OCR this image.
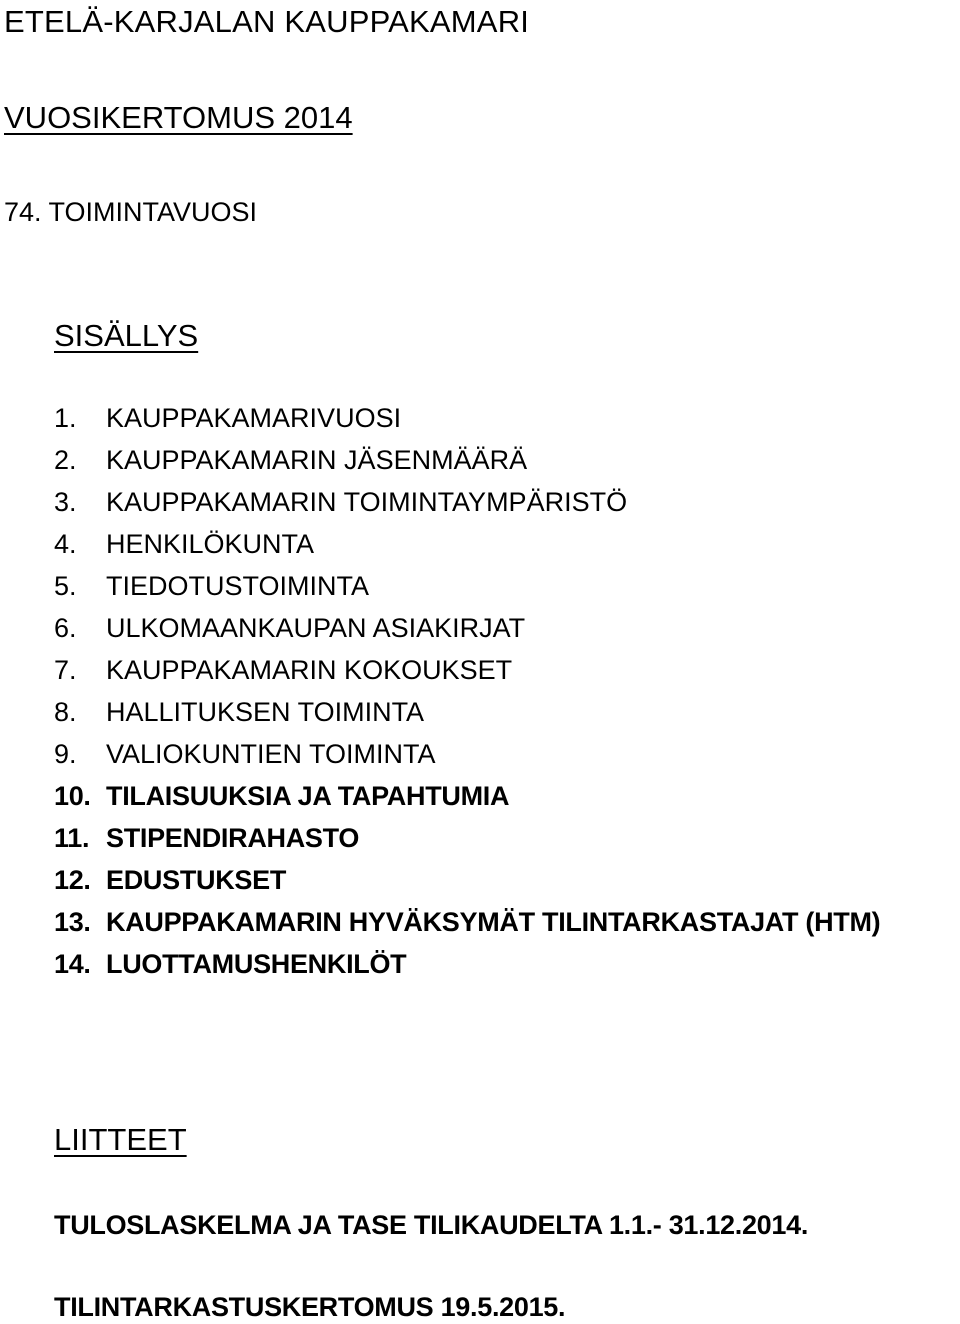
ETELÄ-KARJALAN KAUPPAKAMARI
VUOSIKERTOMUS 2014
74. TOIMINTAVUOSI
SISÄLLYS
1.	KAUPPAKAMARIVUOSI
2.	KAUPPAKAMARIN JÄSENMÄÄRÄ
3.	KAUPPAKAMARIN TOIMINTAYMPÄRISTÖ
4.	HENKILÖKUNTA
5.	TIEDOTUSTOIMINTA
6.	ULKOMAANKAUPAN ASIAKIRJAT
7.	KAUPPAKAMARIN KOKOUKSET
8.	HALLITUKSEN TOIMINTA
9.	VALIOKUNTIEN TOIMINTA
10. TILAISUUKSIA JA TAPAHTUMIA
11. STIPENDIRAHASTO
12. EDUSTUKSET
13. KAUPPAKAMARIN HYVÄKSYMÄT TILINTARKASTAJAT (HTM)
14. LUOTTAMUSHENKILÖT
LIITTEET
TULOSLASKELMA JA TASE TILIKAUDELTA 1.1.- 31.12.2014.
TILINTARKASTUSKERTOMUS 19.5.2015.
